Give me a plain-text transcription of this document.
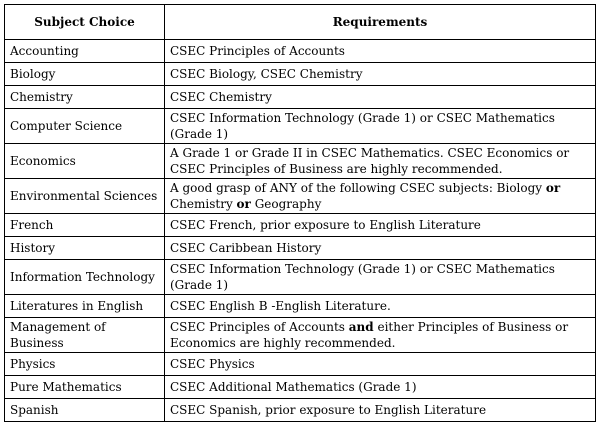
Subject Choice	Requirements
Accounting	CSEC Principles of Accounts
Biology	CSEC Biology, CSEC Chemistry
Chemistry	CSEC Chemistry
Computer Science	CSEC Information Technology (Grade 1) or CSEC Mathematics (Grade 1)
Economics	A Grade 1 or Grade II in CSEC Mathematics. CSEC Economics or CSEC Principles of Business are highly recommended.
Environmental Sciences	A good grasp of ANY of the following CSEC subjects: Biology or Chemistry or Geography
French	CSEC French, prior exposure to English Literature
History	CSEC Caribbean History
Information Technology	CSEC Information Technology (Grade 1) or CSEC Mathematics (Grade 1)
Literatures in English	CSEC English B -English Literature.
Management of Business	CSEC Principles of Accounts and either Principles of Business or Economics are highly recommended.
Physics	CSEC Physics
Pure Mathematics	CSEC Additional Mathematics (Grade 1)
Spanish	CSEC Spanish, prior exposure to English Literature
